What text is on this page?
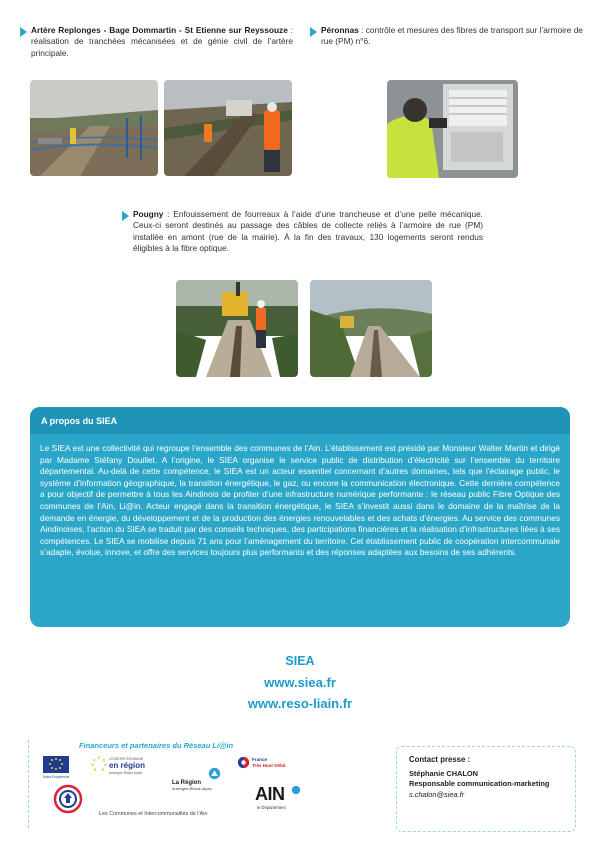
Artère Replonges - Bage Dommartin - St Etienne sur Reyssouze : réalisation de tranchées mécanisées et de génie civil de l’artère principale.
Péronnas : contrôle et mesures des fibres de transport sur l’armoire de rue (PM) n°6.
Pougny : Enfouissement de fourreaux à l’aide d’une trancheuse et d’une pelle mécanique. Ceux-ci seront destinés au passage des câbles de collecte reliés à l’armoire de rue (PM) installée en amont (rue de la mairie). À la fin des travaux, 130 logements seront rendus éligibles à la fibre optique.
A propos du SIEA
Le SIEA est une collectivité qui regroupe l’ensemble des communes de l’Ain. L’établissement est présidé par Monsieur Walter Martin et dirigé par Madame Stéfany Douillet. A l’origine, le SIEA organise le service public de distribution d’électricité sur l’ensemble du territoire départemental. Au-delà de cette compétence, le SIEA est un acteur essentiel concernant d’autres domaines, tels que l’éclairage public, le système d’information géographique, la transition énergétique, le gaz, ou encore la communication électronique. Cette dernière compétence a pour objectif de permettre à tous les Aindinois de profiter d’une infrastructure numérique performante : le réseau public Fibre Optique des communes de l’Ain, Li@in. Acteur engagé dans la transition énergétique, le SIEA s’investit aussi dans le domaine de la maîtrise de la demande en énergie, du développement et de la production des énergies renouvelables et des achats d’énergies. Au service des communes Aindinoises, l’action du SIEA se traduit par des conseils techniques, des participations financières et la réalisation d’infrastructures liées à ses compétences. Le SIEA se mobilise depuis 71 ans pour l’aménagement du territoire. Cet établissement public de coopération intercommunale s’adapte, évolue, innove, et offre des services toujours plus performants et des réponses adaptées aux besoins de ses adhérents.
SIEA
www.siea.fr
www.reso-liain.fr
Financeurs et partenaires du Réseau Li@in
Union Européenne
L’EUROPE S’ENGAGE
en région
Auvergne-Rhône-Alpes
La Région
Auvergne-Rhône-Alpes
France
Très Haut Débit
AIN
le Département
Les Communes et Intercommunalités de l’Ain
Contact presse :
Stéphanie CHALON
Responsable communication-marketing
s.chalon@siea.fr
